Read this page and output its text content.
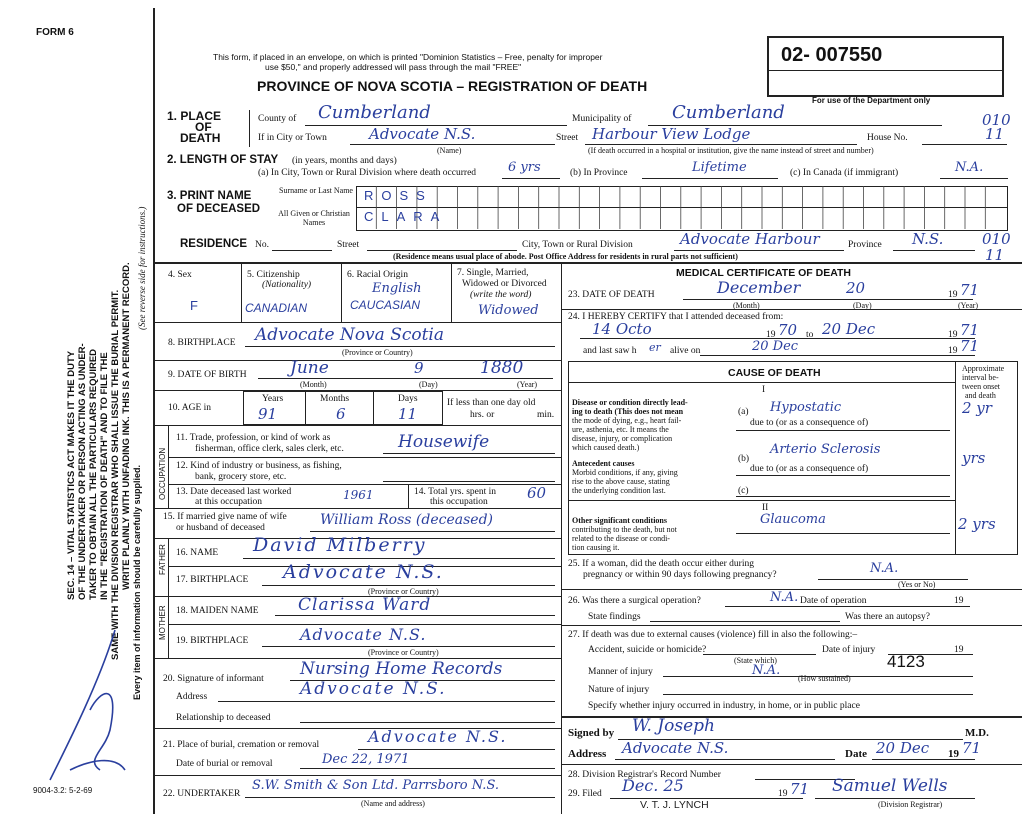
FORM 6
9004-3.2: 5-2-69
SEC. 14 – VITAL STATISTICS ACT MAKES IT THE DUTY OF THE UNDERTAKER OR PERSON ACTING AS UNDER- TAKER TO OBTAIN ALL THE PARTICULARS REQUIRED IN THE "REGISTRATION OF DEATH" AND TO FILE THE SAME WITH THE DIVISION REGISTRAR WHO SHALL ISSUE THE BURIAL PERMIT. WRITE PLAINLY WITH UNFADING INK. THIS IS A PERMANENT RECORD. Every item of information should be carefully supplied.
(See reverse side for instructions.)
This form, if placed in an envelope, on which is printed "Dominion Statistics – Free, penalty for improper
use $50," and properly addressed will pass through the mail "FREE"
PROVINCE OF NOVA SCOTIA – REGISTRATION OF DEATH
02- 007550
For use of the Department only
1. PLACE
OF
DEATH
County of Cumberland	Municipality of Cumberland	010
If in City or Town	Advocate N.S.
(Name)
Street Harbour View Lodge	House No.	11
(If death occurred in a hospital or institution, give the name instead of street and number)
2. LENGTH OF STAY (in years, months and days)
(a) In City, Town or Rural Division where death occurred 6 yrs	(b) In Province	Lifetime	(c) In Canada (if immigrant)	N.A.
3. PRINT NAME
OF DECEASED
Surname or Last Name
All Given or Christian Names
ROSS
CLARA
RESIDENCE No.	Street	City, Town or Rural Division	Advocate Harbour	Province N.S.	010
11
(Residence means usual place of abode. Post Office Address for residents in rural parts not sufficient)
4. Sex
F
5. Citizenship
(Nationality)
CANADIAN
6. Racial Origin
English
CAUCASIAN
7. Single, Married,
Widowed or Divorced
(write the word)
Widowed
8. BIRTHPLACE Advocate Nova Scotia
(Province or Country)
9. DATE OF BIRTH	June	9	1880
(Month)	(Day)	(Year)
10. AGE in
Years	Months	Days
91	6	11
If less than one day old
hrs. or	min.
OCCUPATION
11. Trade, profession, or kind of work as
fisherman, office clerk, sales clerk, etc.	Housewife
12. Kind of industry or business, as fishing,
bank, grocery store, etc.
13. Date deceased last worked
at this occupation	1961	14. Total yrs. spent in
this occupation	60
15. If married give name of wife
or husband of deceased	William Ross (deceased)
FATHER 16. NAME David Milberry
17. BIRTHPLACE Advocate N.S.
(Province or Country)
MOTHER 18. MAIDEN NAME Clarissa Ward
19. BIRTHPLACE	Advocate N.S.
(Province or Country)
20. Signature of informant Nursing Home Records
Address	Advocate N.S.
Relationship to deceased
21. Place of burial, cremation or removal	Advocate N.S.
Date of burial or removal	Dec 22, 1971
22. UNDERTAKER
S.W. Smith & Son Ltd. Parrsboro N.S.
(Name and address)
MEDICAL CERTIFICATE OF DEATH
23. DATE OF DEATH	December	20	19 71
(Month)	(Day)	(Year)
24. I HEREBY CERTIFY that I attended deceased from:
14 Octo	19 70 to 20 Dec	19 71
and last saw h er alive on	20 Dec	19 71
CAUSE OF DEATH	Approximate
interval be-
tween onset
and death
I
Disease or condition directly lead-
ing to death (This does not mean
the mode of dying, e.g., heart fail-
ure, asthenia, etc. It means the
disease, injury, or complication
which caused death.)
(a) Hypostatic
due to (or as a consequence of)
2 yr
Antecedent causes
Morbid conditions, if any, giving
rise to the above cause, stating
the underlying condition last.
(b)
Arterio Sclerosis
due to (or as a consequence of)
yrs
(c)
II
Other significant conditions
contributing to the death, but not
related to the disease or condi-
tion causing it.
Glaucoma	2 yrs
25. If a woman, did the death occur either during
pregnancy or within 90 days following pregnancy?	N.A.
(Yes or No)
26. Was there a surgical operation?	N.A. Date of operation	19
State findings	Was there an autopsy?
27. If death was due to external causes (violence) fill in also the following:–
Accident, suicide or homicide?
(State which)
Date of injury	19
4123
Manner of injury	N.A.
(How sustained)
Nature of injury
Specify whether injury occurred in industry, in home, or in public place
Signed by W. Joseph	M.D.
Address Advocate N.S.	Date 20 Dec 19 71
28. Division Registrar's Record Number
29. Filed Dec. 25	19 71
V. T. J. LYNCH
Samuel Wells
(Division Registrar)
